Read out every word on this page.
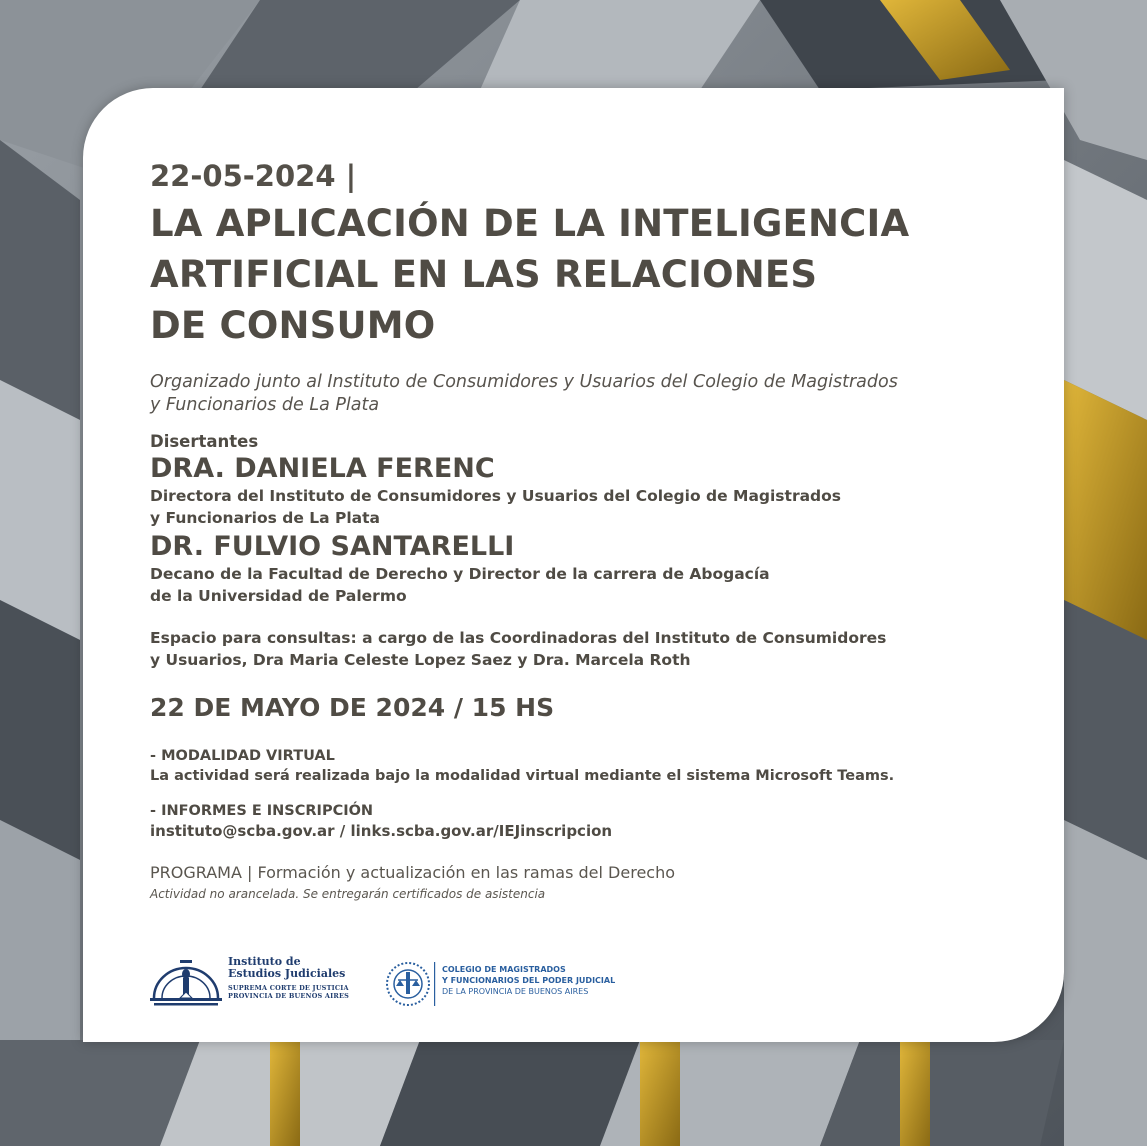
22-05-2024 |

LA APLICACIÓN DE LA INTELIGENCIA
ARTIFICIAL EN LAS RELACIONES
DE CONSUMO
Organizado junto al Instituto de Consumidores y Usuarios del Colegio de Magistrados
y Funcionarios de La Plata
Disertantes
DRA. DANIELA FERENC
Directora del Instituto de Consumidores y Usuarios del Colegio de Magistrados
y Funcionarios de La Plata
DR. FULVIO SANTARELLI
Decano de la Facultad de Derecho y Director de la carrera de Abogacía
de la Universidad de Palermo
Espacio para consultas: a cargo de las Coordinadoras del Instituto de Consumidores
y Usuarios, Dra Maria Celeste Lopez Saez y Dra. Marcela Roth
22 DE MAYO DE 2024 / 15 HS
- MODALIDAD VIRTUAL
La actividad será realizada bajo la modalidad virtual mediante el sistema Microsoft Teams.
- INFORMES E INSCRIPCIÓN
instituto@scba.gov.ar / links.scba.gov.ar/IEJinscripcion
PROGRAMA | Formación y actualización en las ramas del Derecho
Actividad no arancelada. Se entregarán certificados de asistencia
Instituto de
Estudios Judiciales
SUPREMA CORTE DE JUSTICIA
PROVINCIA DE BUENOS AIRES
COLEGIO DE MAGISTRADOS
Y FUNCIONARIOS DEL PODER JUDICIAL
DE LA PROVINCIA DE BUENOS AIRES
